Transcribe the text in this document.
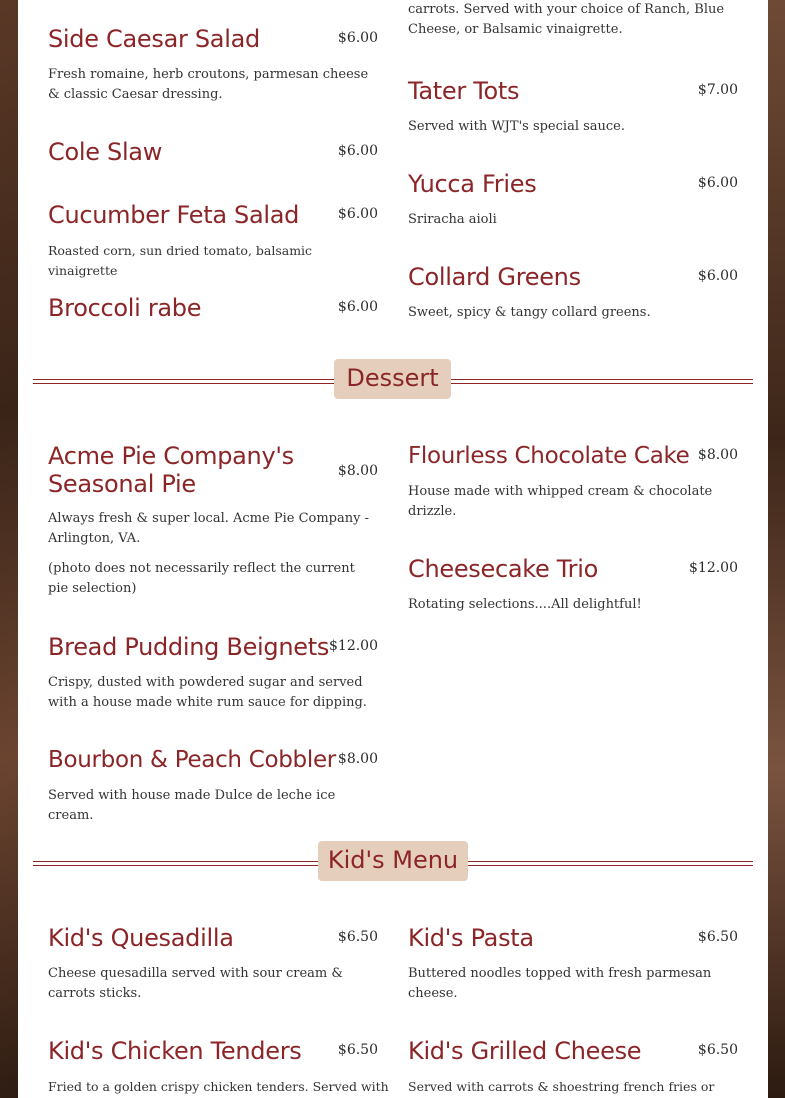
carrots. Served with your choice of Ranch, Blue Cheese, or Balsamic vinaigrette.
Side Caesar Salad	$6.00
Fresh romaine, herb croutons, parmesan cheese & classic Caesar dressing.
Cole Slaw	$6.00
Cucumber Feta Salad	$6.00
Roasted corn, sun dried tomato, balsamic vinaigrette
Broccoli rabe	$6.00
Tater Tots	$7.00
Served with WJT's special sauce.
Yucca Fries	$6.00
Sriracha aioli
Collard Greens	$6.00
Sweet, spicy & tangy collard greens.
Dessert
Acme Pie Company's Seasonal Pie	$8.00
Always fresh & super local. Acme Pie Company - Arlington, VA.
(photo does not necessarily reflect the current pie selection)
Bread Pudding Beignets $12.00
Crispy, dusted with powdered sugar and served with a house made white rum sauce for dipping.
Bourbon & Peach Cobbler $8.00
Served with house made Dulce de leche ice cream.
Flourless Chocolate Cake $8.00
House made with whipped cream & chocolate drizzle.
Cheesecake Trio	$12.00
Rotating selections....All delightful!
Kid's Menu
Kid's Quesadilla	$6.50
Cheese quesadilla served with sour cream & carrots sticks.
Kid's Chicken Tenders	$6.50
Fried to a golden crispy chicken tenders. Served with
Kid's Pasta	$6.50
Buttered noodles topped with fresh parmesan cheese.
Kid's Grilled Cheese	$6.50
Served with carrots & shoestring french fries or
